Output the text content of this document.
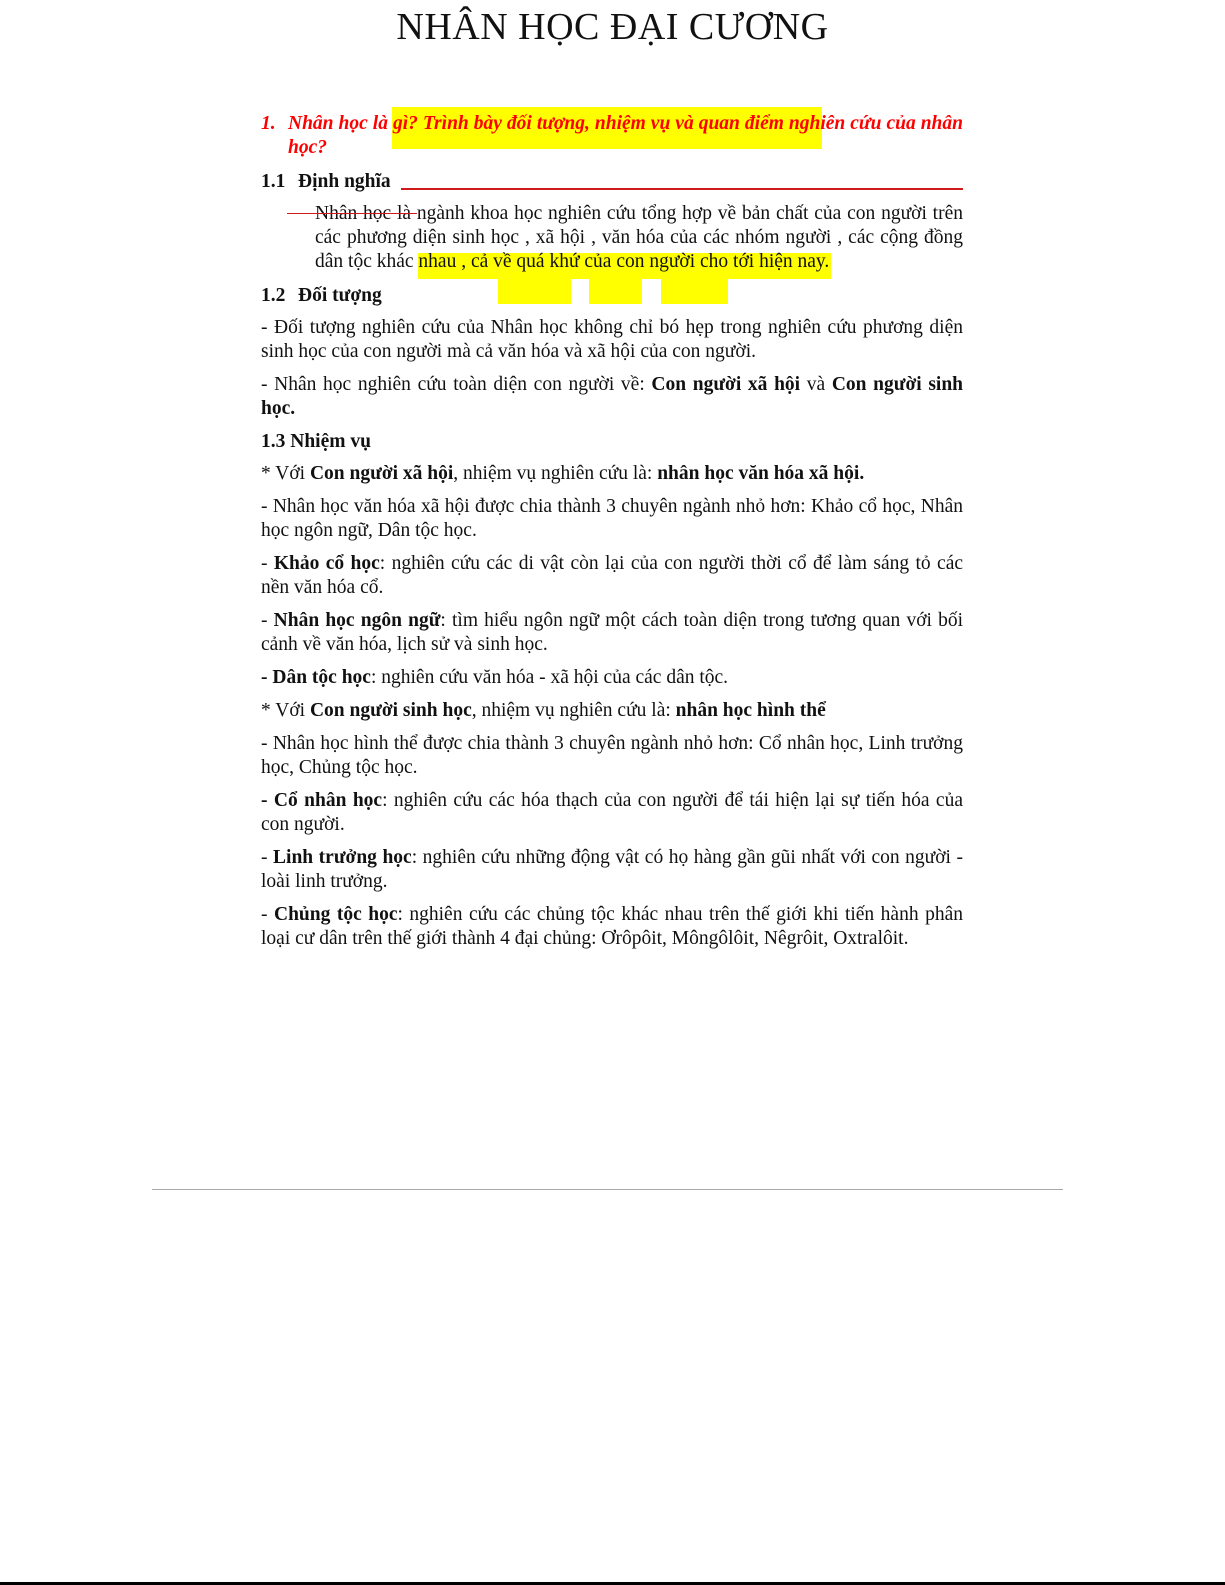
NHÂN HỌC ĐẠI CƯƠNG

1. Nhân học là gì? Trình bày đối tượng, nhiệm vụ và quan điểm nghiên cứu của nhân học?

1.1 Định nghĩa

Nhân học là ngành khoa học nghiên cứu tổng hợp về bản chất của con người trên các phương diện sinh học , xã hội , văn hóa của các nhóm người , các cộng đồng dân tộc khác nhau , cả về quá khứ của con người cho tới hiện nay.

1.2 Đối tượng

- Đối tượng nghiên cứu của Nhân học không chỉ bó hẹp trong nghiên cứu phương diện sinh học của con người mà cả văn hóa và xã hội của con người.

- Nhân học nghiên cứu toàn diện con người về: Con người xã hội và Con người sinh học.

1.3 Nhiệm vụ

* Với Con người xã hội, nhiệm vụ nghiên cứu là: nhân học văn hóa xã hội.

- Nhân học văn hóa xã hội được chia thành 3 chuyên ngành nhỏ hơn: Khảo cổ học, Nhân học ngôn ngữ, Dân tộc học.

- Khảo cổ học: nghiên cứu các di vật còn lại của con người thời cổ để làm sáng tỏ các nền văn hóa cổ.

- Nhân học ngôn ngữ: tìm hiểu ngôn ngữ một cách toàn diện trong tương quan với bối cảnh về văn hóa, lịch sử và sinh học.

- Dân tộc học: nghiên cứu văn hóa - xã hội của các dân tộc.

* Với Con người sinh học, nhiệm vụ nghiên cứu là: nhân học hình thể

- Nhân học hình thể được chia thành 3 chuyên ngành nhỏ hơn: Cổ nhân học, Linh trưởng học, Chủng tộc học.

- Cổ nhân học: nghiên cứu các hóa thạch của con người để tái hiện lại sự tiến hóa của con người.

- Linh trưởng học: nghiên cứu những động vật có họ hàng gần gũi nhất với con người - loài linh trưởng.

- Chủng tộc học: nghiên cứu các chủng tộc khác nhau trên thế giới khi tiến hành phân loại cư dân trên thế giới thành 4 đại chủng: Ơrôpôit, Môngôlôit, Nêgrôit, Oxtralôit.
